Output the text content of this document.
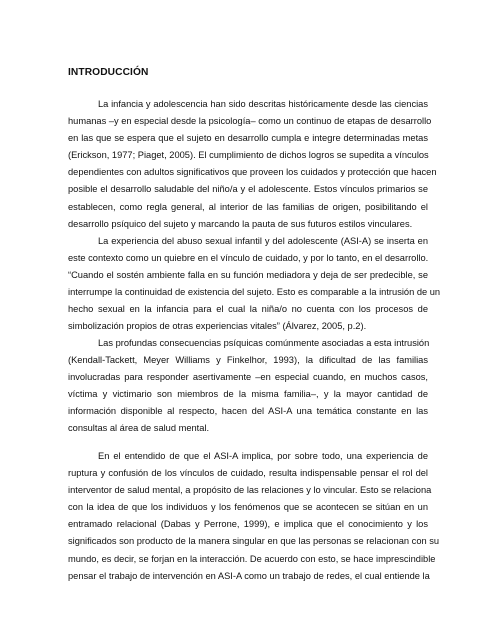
INTRODUCCIÓN
La infancia y adolescencia han sido descritas históricamente desde las ciencias
humanas –y en especial desde la psicología– como un continuo de etapas de desarrollo
en las que se espera que el sujeto en desarrollo cumpla e integre determinadas metas
(Erickson, 1977; Piaget, 2005). El cumplimiento de dichos logros se supedita a vínculos
dependientes con adultos significativos que proveen los cuidados y protección que hacen
posible el desarrollo saludable del niño/a y el adolescente. Estos vínculos primarios se
establecen, como regla general, al interior de las familias de origen, posibilitando el
desarrollo psíquico del sujeto y marcando la pauta de sus futuros estilos vinculares.
La experiencia del abuso sexual infantil y del adolescente (ASI-A) se inserta en
este contexto como un quiebre en el vínculo de cuidado, y por lo tanto, en el desarrollo.
“Cuando el sostén ambiente falla en su función mediadora y deja de ser predecible, se
interrumpe la continuidad de existencia del sujeto. Esto es comparable a la intrusión de un
hecho sexual en la infancia para el cual la niña/o no cuenta con los procesos de
simbolización propios de otras experiencias vitales” (Álvarez, 2005, p.2).
Las profundas consecuencias psíquicas comúnmente asociadas a esta intrusión
(Kendall-Tackett, Meyer Williams y Finkelhor, 1993), la dificultad de las familias
involucradas para responder asertivamente –en especial cuando, en muchos casos,
víctima y victimario son miembros de la misma familia–, y la mayor cantidad de
información disponible al respecto, hacen del ASI-A una temática constante en las
consultas al área de salud mental.
En el entendido de que el ASI-A implica, por sobre todo, una experiencia de
ruptura y confusión de los vínculos de cuidado, resulta indispensable pensar el rol del
interventor de salud mental, a propósito de las relaciones y lo vincular. Esto se relaciona
con la idea de que los individuos y los fenómenos que se acontecen se sitúan en un
entramado relacional (Dabas y Perrone, 1999), e implica que el conocimiento y los
significados son producto de la manera singular en que las personas se relacionan con su
mundo, es decir, se forjan en la interacción. De acuerdo con esto, se hace imprescindible
pensar el trabajo de intervención en ASI-A como un trabajo de redes, el cual entiende la
